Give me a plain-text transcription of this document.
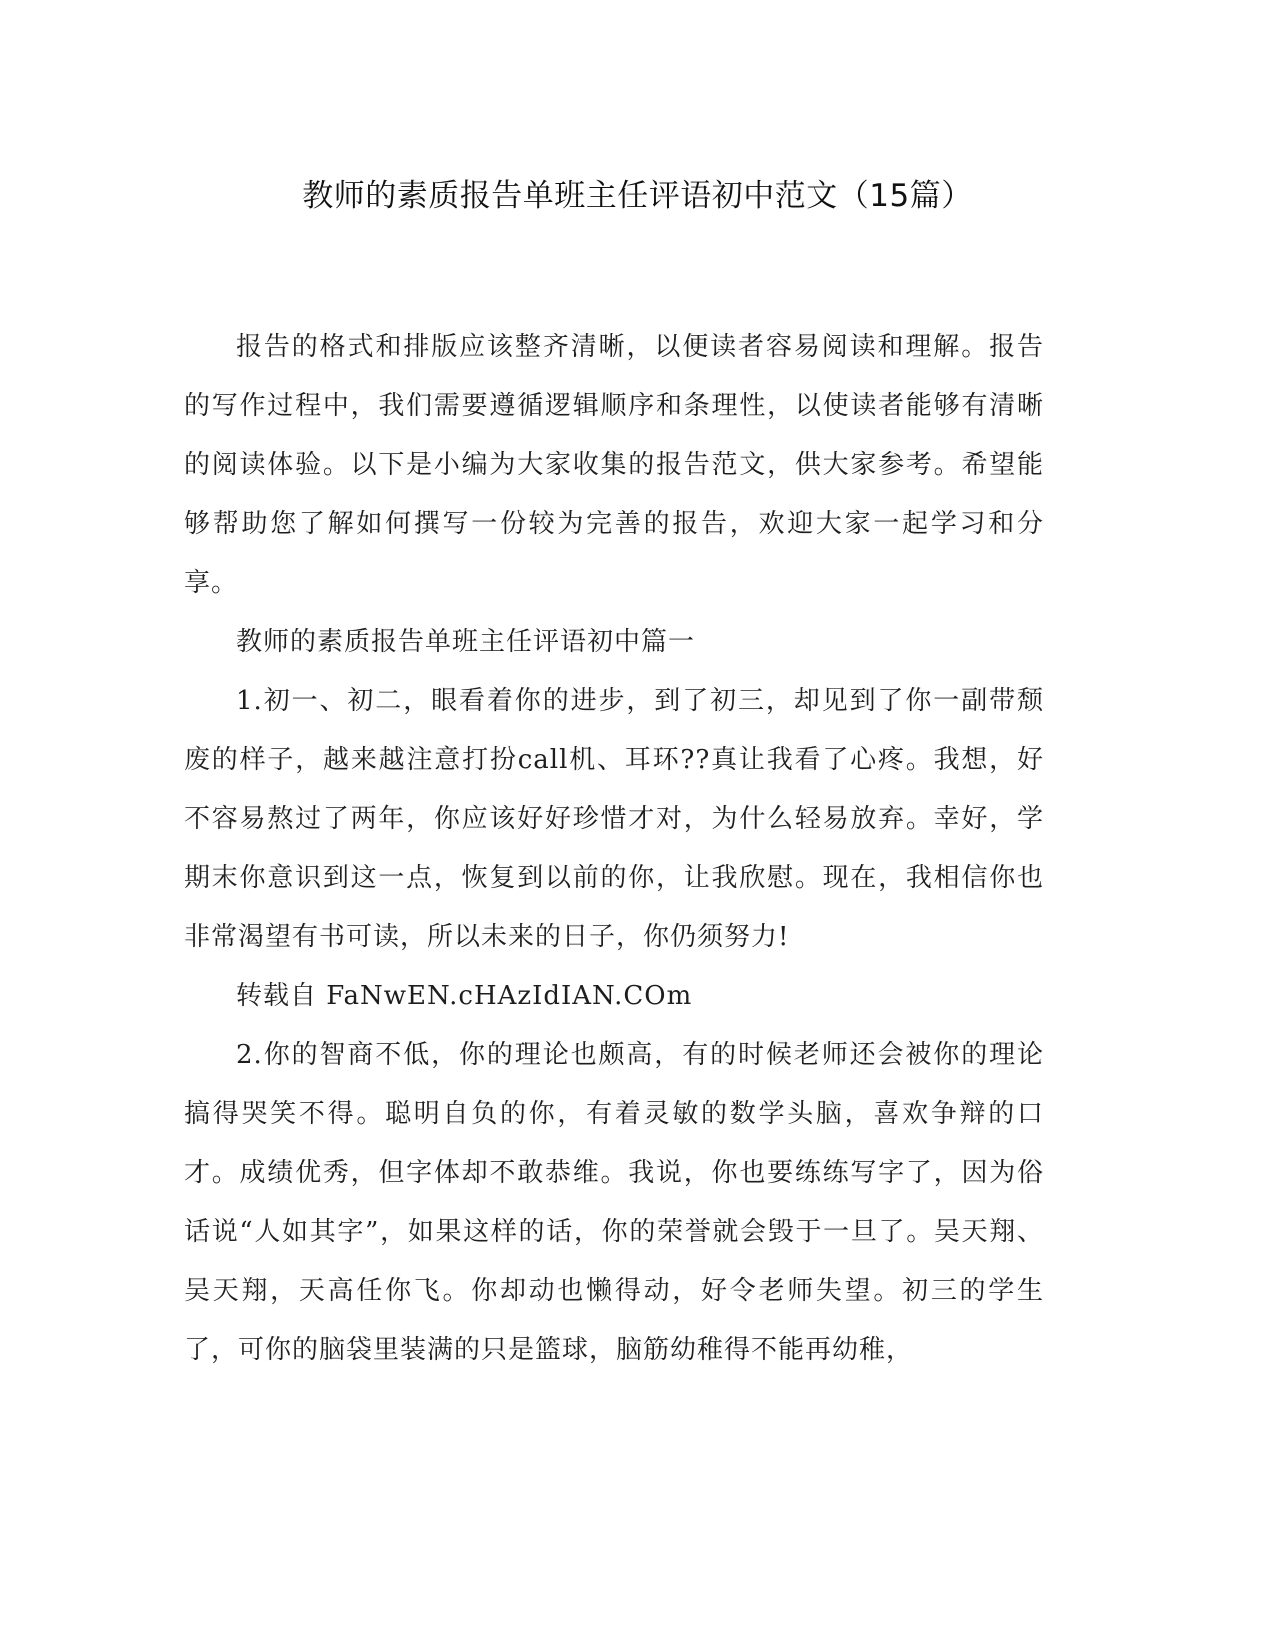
教师的素质报告单班主任评语初中范文（15篇）

报告的格式和排版应该整齐清晰，以便读者容易阅读和理解。报告的写作过程中，我们需要遵循逻辑顺序和条理性，以使读者能够有清晰的阅读体验。以下是小编为大家收集的报告范文，供大家参考。希望能够帮助您了解如何撰写一份较为完善的报告，欢迎大家一起学习和分享。

教师的素质报告单班主任评语初中篇一

1.初一、初二，眼看着你的进步，到了初三，却见到了你一副带颓废的样子，越来越注意打扮call机、耳环??真让我看了心疼。我想，好不容易熬过了两年，你应该好好珍惜才对，为什么轻易放弃。幸好，学期末你意识到这一点，恢复到以前的你，让我欣慰。现在，我相信你也非常渴望有书可读，所以未来的日子，你仍须努力!

转载自 FaNwEN.cHAzIdIAN.COm

2.你的智商不低，你的理论也颇高，有的时候老师还会被你的理论搞得哭笑不得。聪明自负的你，有着灵敏的数学头脑，喜欢争辩的口才。成绩优秀，但字体却不敢恭维。我说，你也要练练写字了，因为俗话说“人如其字”，如果这样的话，你的荣誉就会毁于一旦了。吴天翔、吴天翔，天高任你飞。你却动也懒得动，好令老师失望。初三的学生了，可你的脑袋里装满的只是篮球，脑筋幼稚得不能再幼稚，
